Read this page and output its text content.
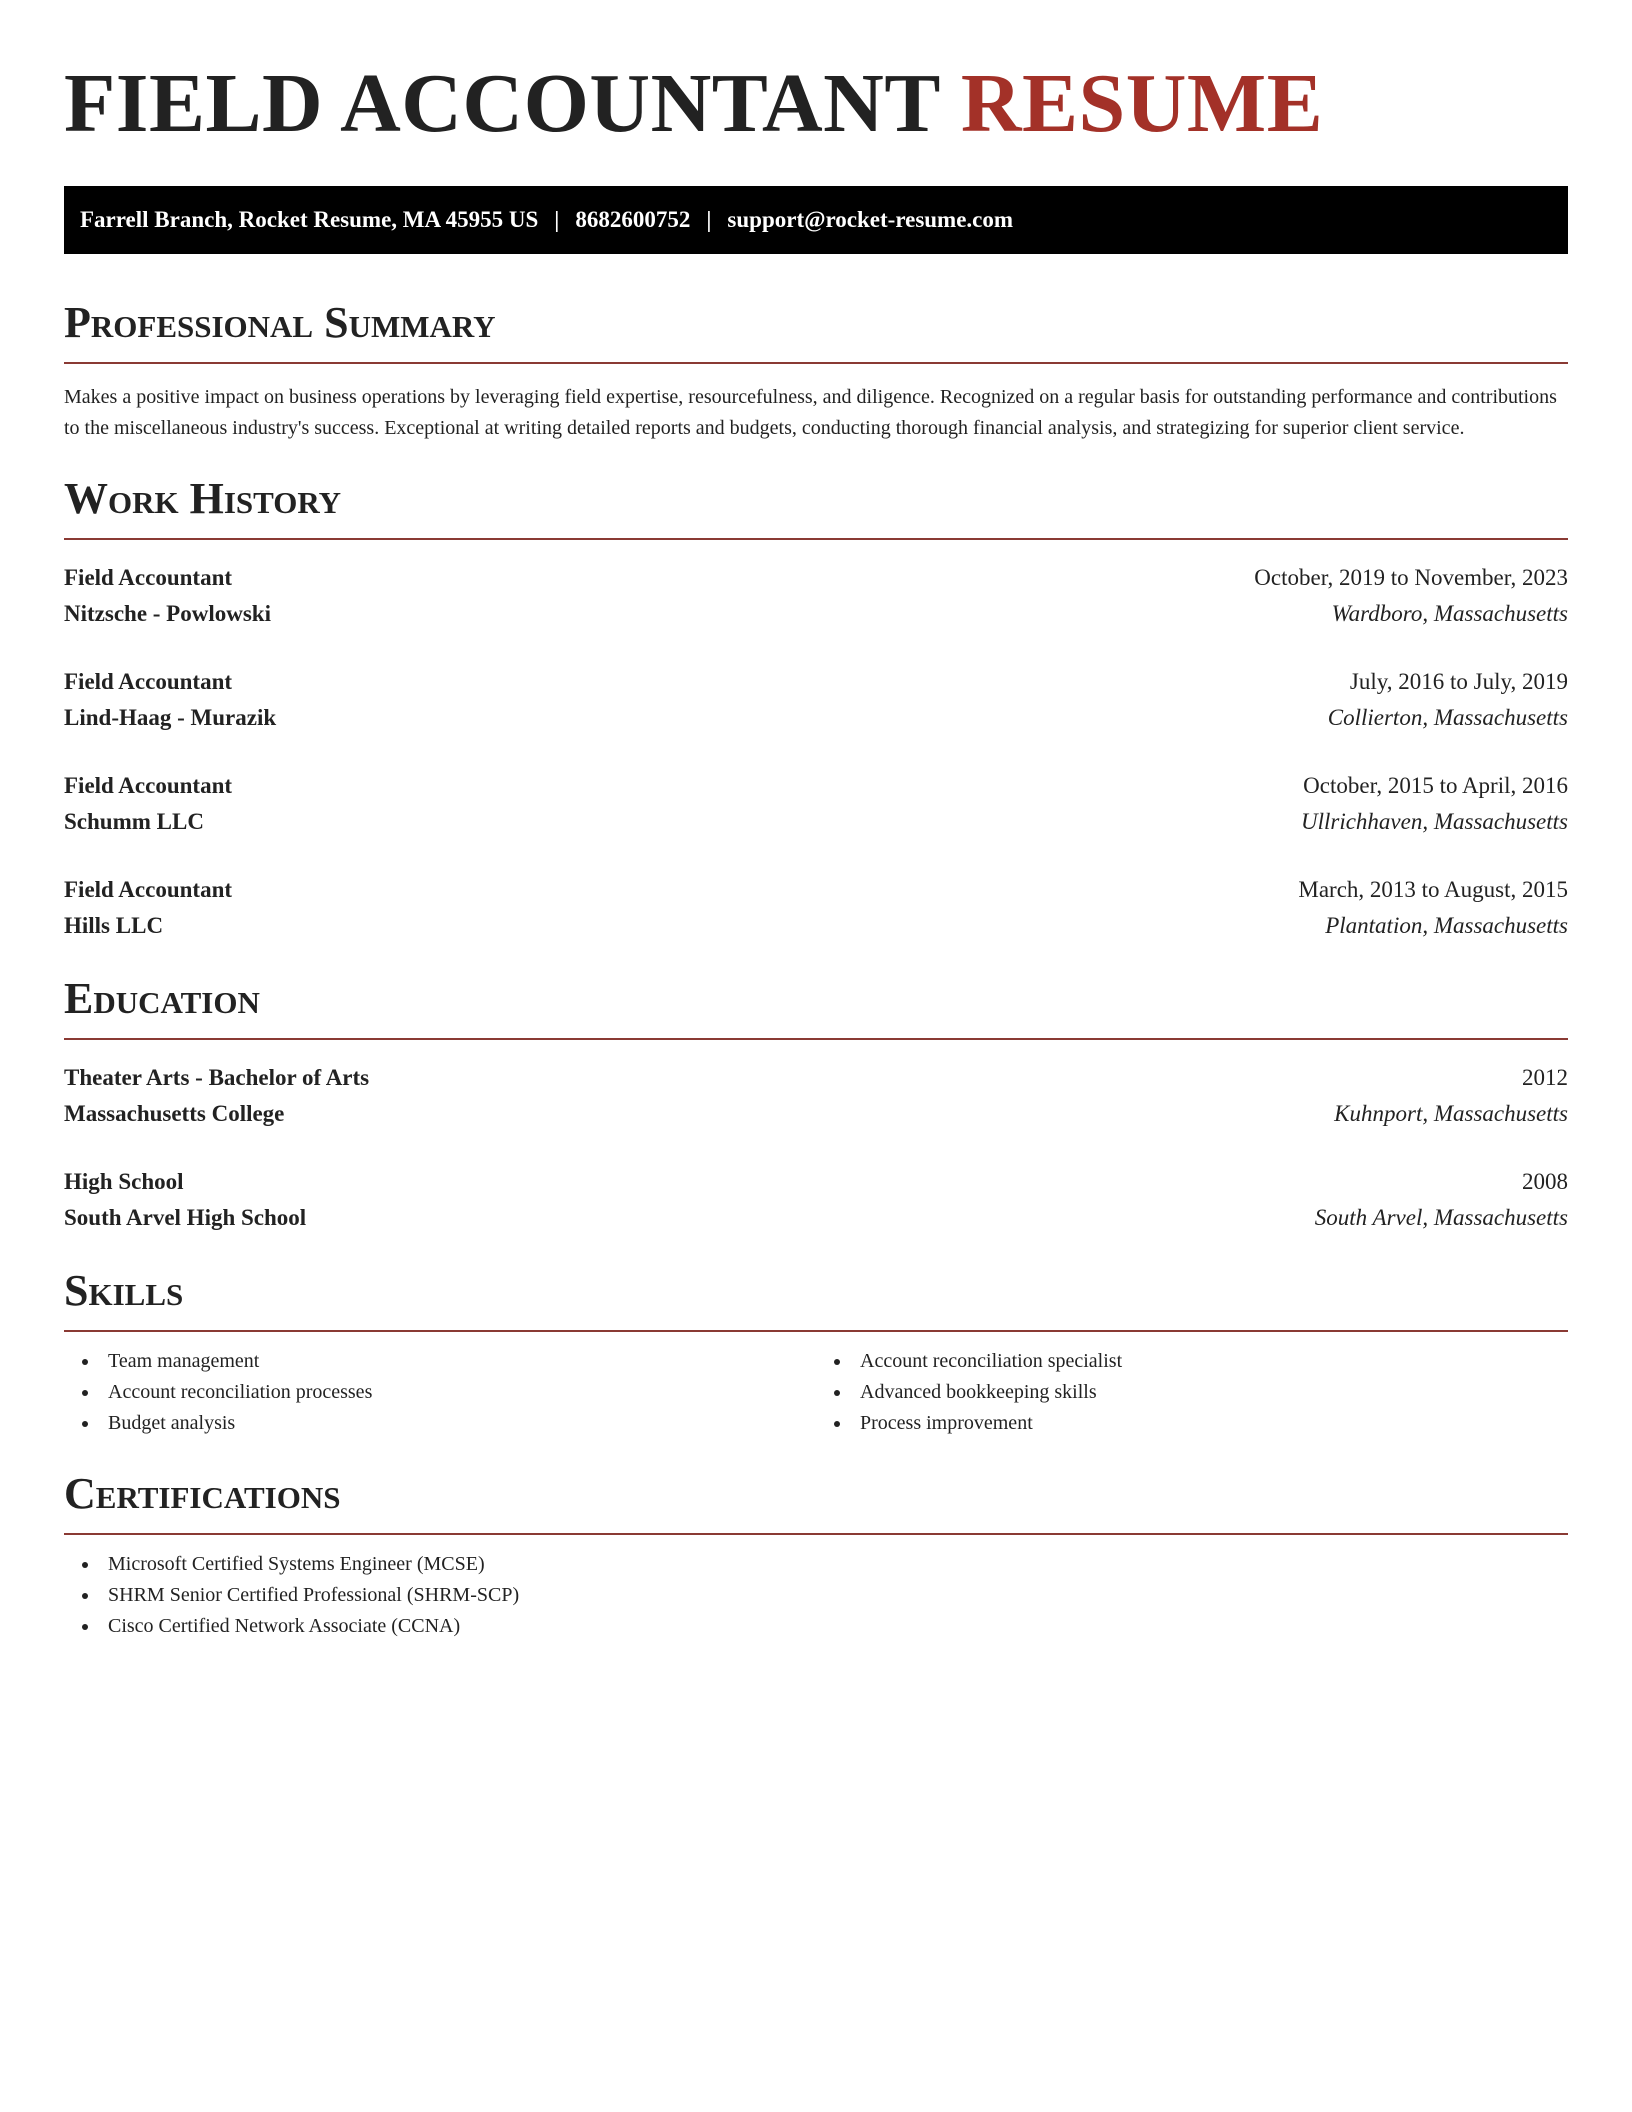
FIELD ACCOUNTANT RESUME
Farrell Branch, Rocket Resume, MA 45955 US | 8682600752 | support@rocket-resume.com
Professional Summary

Makes a positive impact on business operations by leveraging field expertise, resourcefulness, and diligence. Recognized on a regular basis for outstanding performance and contributions to the miscellaneous industry's success. Exceptional at writing detailed reports and budgets, conducting thorough financial analysis, and strategizing for superior client service.

Work History
Field Accountant	October, 2019 to November, 2023
Nitzsche - Powlowski	Wardboro, Massachusetts
Field Accountant	July, 2016 to July, 2019
Lind-Haag - Murazik	Collierton, Massachusetts
Field Accountant	October, 2015 to April, 2016
Schumm LLC	Ullrichhaven, Massachusetts
Field Accountant	March, 2013 to August, 2015
Hills LLC	Plantation, Massachusetts
Education
Theater Arts - Bachelor of Arts	2012
Massachusetts College	Kuhnport, Massachusetts
High School	2008
South Arvel High School	South Arvel, Massachusetts
Skills
Team management
Account reconciliation processes
Budget analysis
Account reconciliation specialist
Advanced bookkeeping skills
Process improvement
Certifications
Microsoft Certified Systems Engineer (MCSE)
SHRM Senior Certified Professional (SHRM-SCP)
Cisco Certified Network Associate (CCNA)
